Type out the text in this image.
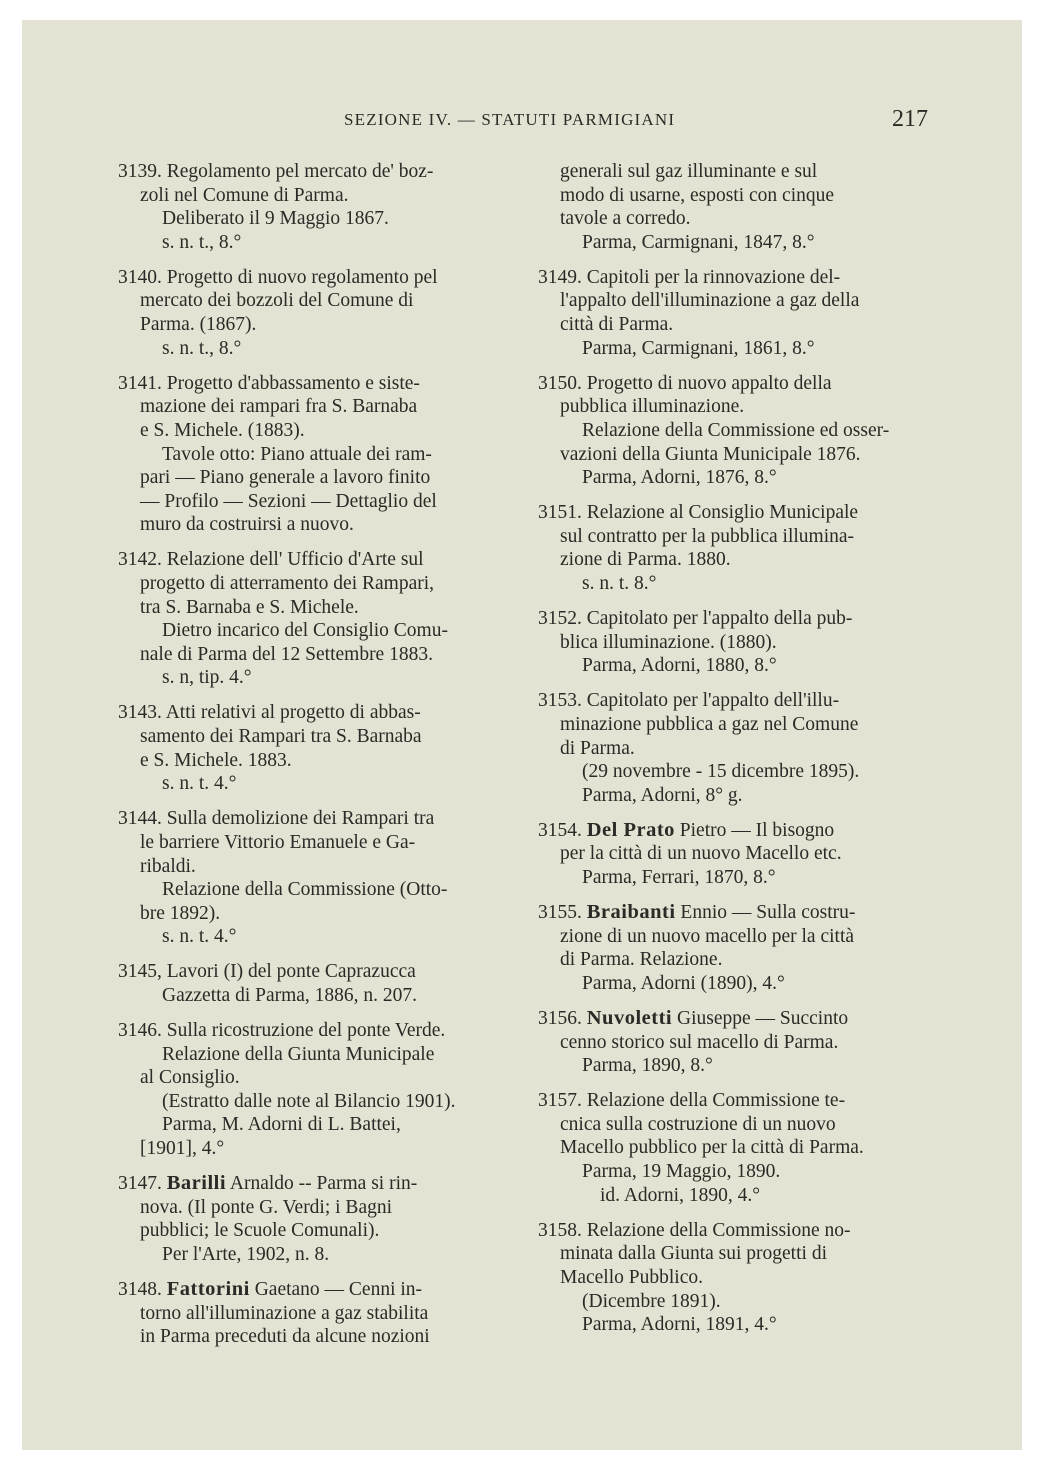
SEZIONE IV. — STATUTI PARMIGIANI	217
3139. Regolamento pel mercato de' boz-
zoli nel Comune di Parma.
Deliberato il 9 Maggio 1867.
s. n. t., 8.°
3140. Progetto di nuovo regolamento pel
mercato dei bozzoli del Comune di
Parma. (1867).
s. n. t., 8.°
3141. Progetto d'abbassamento e siste-
mazione dei rampari fra S. Barnaba
e S. Michele. (1883).
Tavole otto: Piano attuale dei ram-
pari — Piano generale a lavoro finito
— Profilo — Sezioni — Dettaglio del
muro da costruirsi a nuovo.
3142. Relazione dell' Ufficio d'Arte sul
progetto di atterramento dei Rampari,
tra S. Barnaba e S. Michele.
Dietro incarico del Consiglio Comu-
nale di Parma del 12 Settembre 1883.
s. n, tip. 4.°
3143. Atti relativi al progetto di abbas-
samento dei Rampari tra S. Barnaba
e S. Michele. 1883.
s. n. t. 4.°
3144. Sulla demolizione dei Rampari tra
le barriere Vittorio Emanuele e Ga-
ribaldi.
Relazione della Commissione (Otto-
bre 1892).
s. n. t. 4.°
3145, Lavori (I) del ponte Caprazucca
Gazzetta di Parma, 1886, n. 207.
3146. Sulla ricostruzione del ponte Verde.
Relazione della Giunta Municipale
al Consiglio.
(Estratto dalle note al Bilancio 1901).
Parma, M. Adorni di L. Battei,
[1901], 4.°
3147. Barilli Arnaldo -- Parma si rin-
nova. (Il ponte G. Verdi; i Bagni
pubblici; le Scuole Comunali).
Per l'Arte, 1902, n. 8.
3148. Fattorini Gaetano — Cenni in-
torno all'illuminazione a gaz stabilita
in Parma preceduti da alcune nozioni
generali sul gaz illuminante e sul
modo di usarne, esposti con cinque
tavole a corredo.
Parma, Carmignani, 1847, 8.°
3149. Capitoli per la rinnovazione del-
l'appalto dell'illuminazione a gaz della
città di Parma.
Parma, Carmignani, 1861, 8.°
3150. Progetto di nuovo appalto della
pubblica illuminazione.
Relazione della Commissione ed osser-
vazioni della Giunta Municipale 1876.
Parma, Adorni, 1876, 8.°
3151. Relazione al Consiglio Municipale
sul contratto per la pubblica illumina-
zione di Parma. 1880.
s. n. t. 8.°
3152. Capitolato per l'appalto della pub-
blica illuminazione. (1880).
Parma, Adorni, 1880, 8.°
3153. Capitolato per l'appalto dell'illu-
minazione pubblica a gaz nel Comune
di Parma.
(29 novembre - 15 dicembre 1895).
Parma, Adorni, 8° g.
3154. Del Prato Pietro — Il bisogno
per la città di un nuovo Macello etc.
Parma, Ferrari, 1870, 8.°
3155. Braibanti Ennio — Sulla costru-
zione di un nuovo macello per la città
di Parma. Relazione.
Parma, Adorni (1890), 4.°
3156. Nuvoletti Giuseppe — Succinto
cenno storico sul macello di Parma.
Parma, 1890, 8.°
3157. Relazione della Commissione te-
cnica sulla costruzione di un nuovo
Macello pubblico per la città di Parma.
Parma, 19 Maggio, 1890.
id. Adorni, 1890, 4.°
3158. Relazione della Commissione no-
minata dalla Giunta sui progetti di
Macello Pubblico.
(Dicembre 1891).
Parma, Adorni, 1891, 4.°
